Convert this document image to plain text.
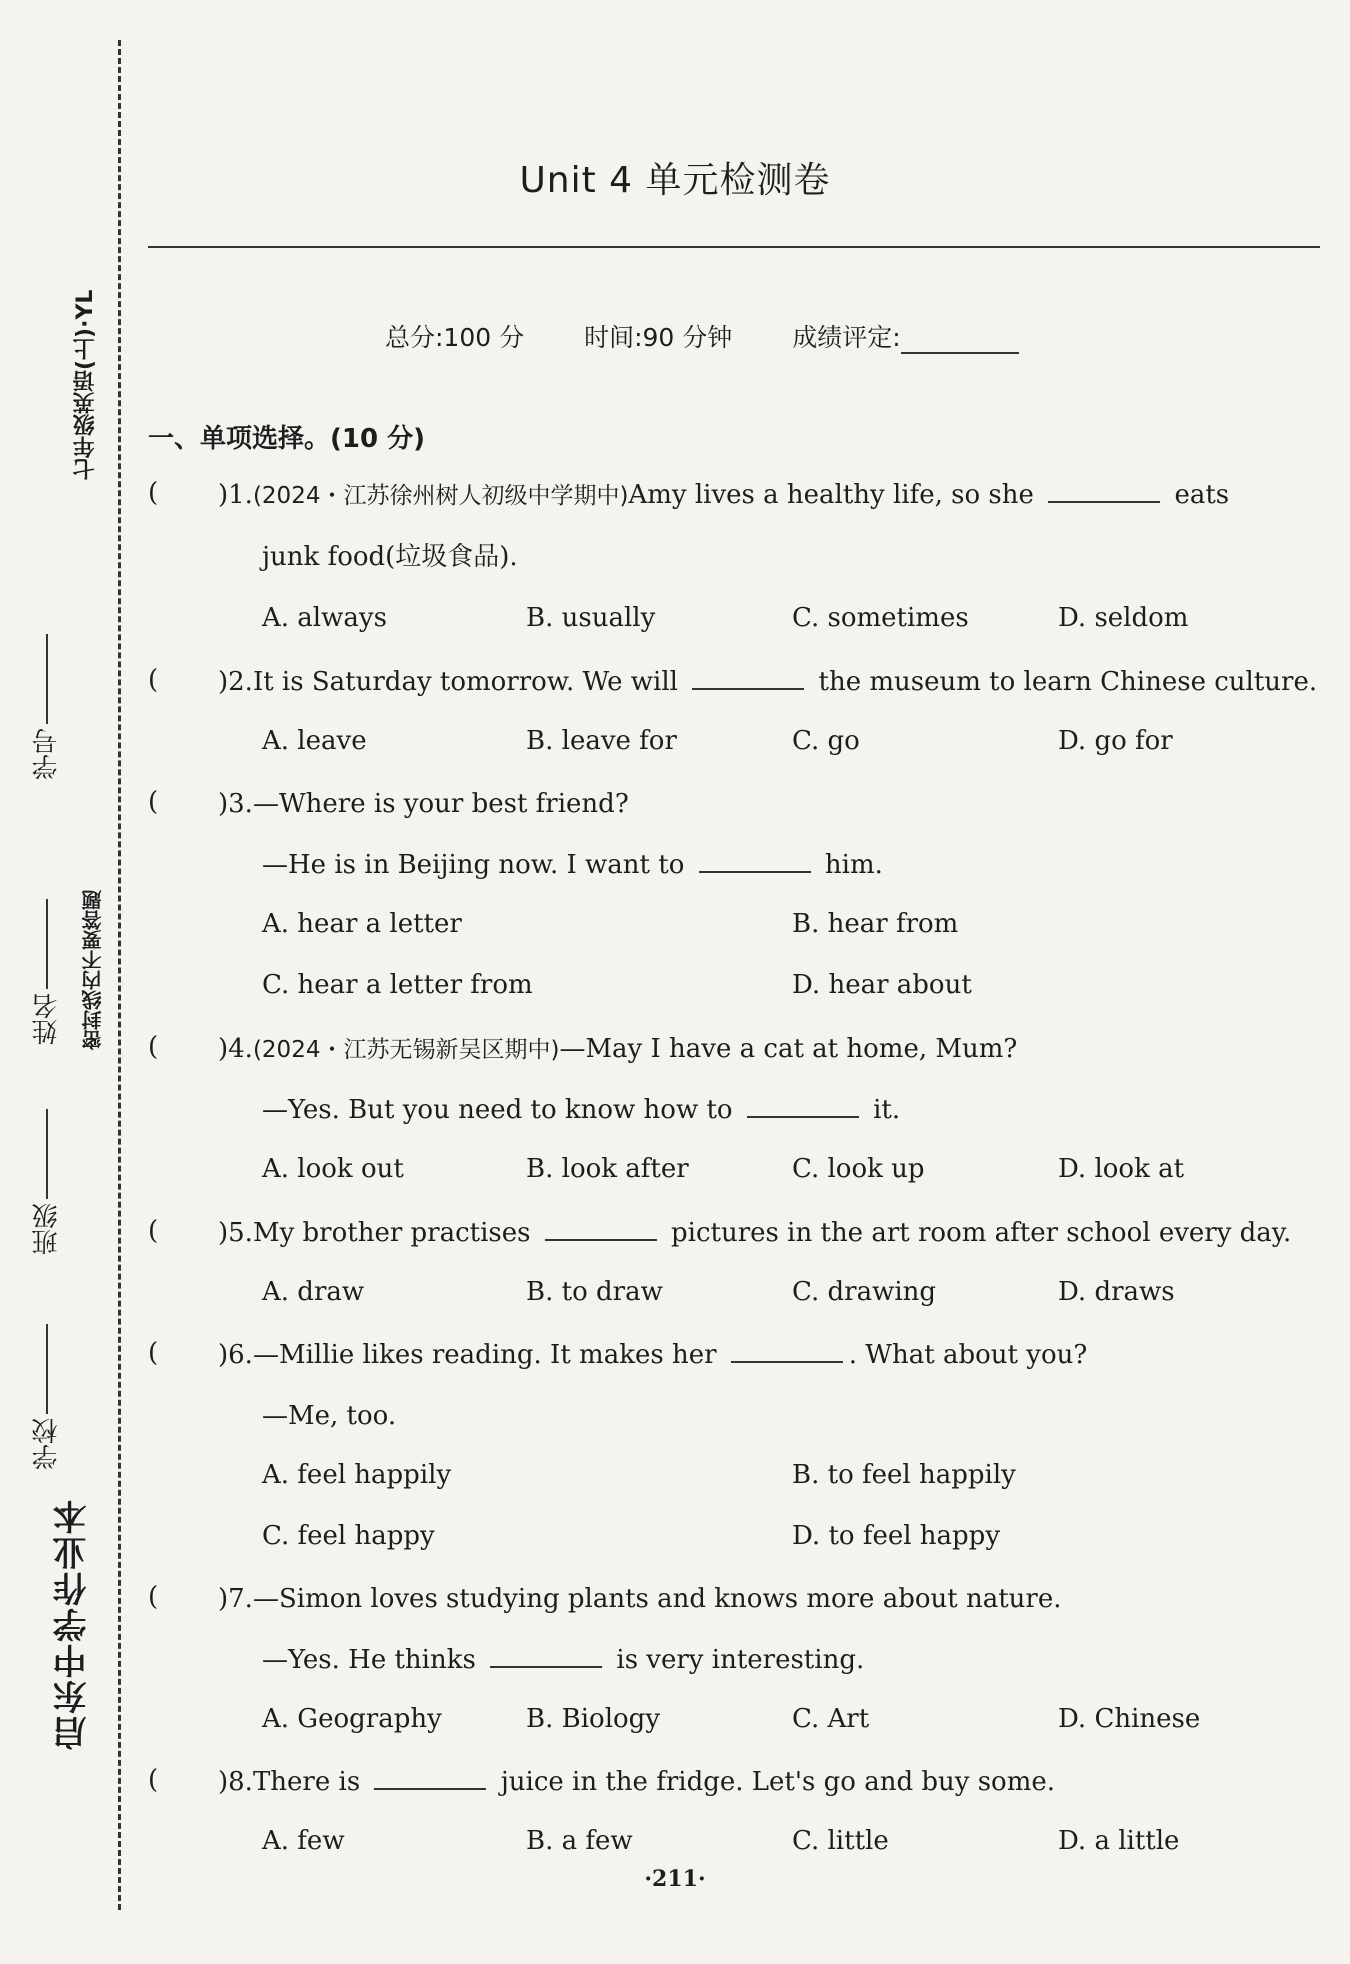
七年级英语(上)·YL
密封线内不要答题
学号
姓名
班级
学校
启东中学作业本
Unit 4 单元检测卷
总分:100 分 时间:90 分钟 成绩评定:
一、单项选择。(10 分)
( )1.(2024・江苏徐州树人初级中学期中)Amy lives a healthy life, so she	eats
junk food(垃圾食品).
A. always	B. usually	C. sometimes	D. seldom
( )2.It is Saturday tomorrow. We will	the museum to learn Chinese culture.
A. leave	B. leave for	C. go	D. go for
( )3.—Where is your best friend?
—He is in Beijing now. I want to	him.
A. hear a letter	B. hear from
C. hear a letter from	D. hear about
( )4.(2024・江苏无锡新吴区期中)—May I have a cat at home, Mum?
—Yes. But you need to know how to	it.
A. look out	B. look after	C. look up	D. look at
( )5.My brother practises	pictures in the art room after school every day.
A. draw	B. to draw	C. drawing	D. draws
( )6.—Millie likes reading. It makes her	. What about you?
—Me, too.
A. feel happily	B. to feel happily
C. feel happy	D. to feel happy
( )7.—Simon loves studying plants and knows more about nature.
—Yes. He thinks	is very interesting.
A. Geography	B. Biology	C. Art	D. Chinese
( )8.There is	juice in the fridge. Let's go and buy some.
A. few	B. a few	C. little	D. a little
·211·
